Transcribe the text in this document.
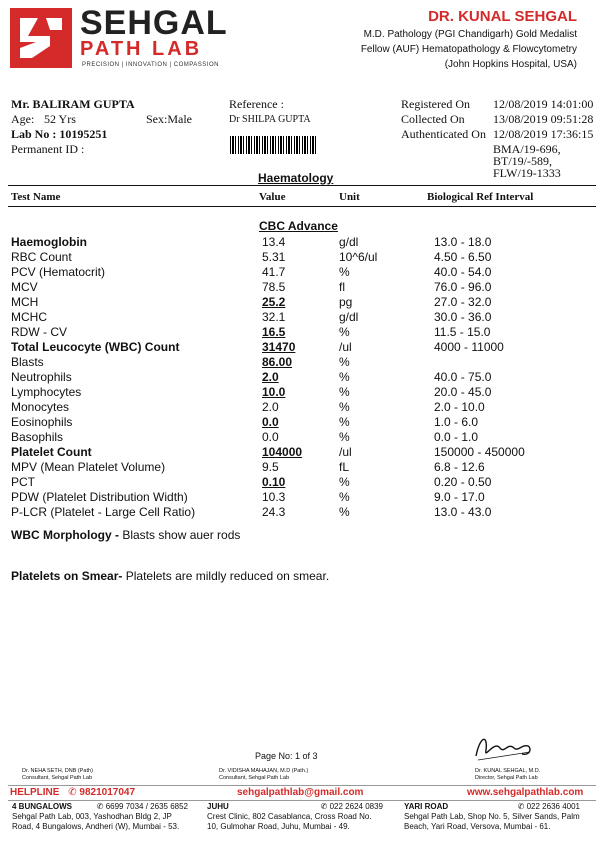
SEHGAL
PATH LAB
PRECISION | INNOVATION | COMPASSION
DR. KUNAL SEHGAL
M.D. Pathology (PGI Chandigarh) Gold Medalist
Fellow (AUF) Hematopathology & Flowcytometry
(John Hopkins Hospital, USA)
Mr. BALIRAM GUPTA
Age: 52 Yrs	Sex:Male
Lab No : 10195251
Permanent ID :
Reference :
Dr SHILPA GUPTA
Registered On 12/08/2019 14:01:00
Collected On 13/08/2019 09:51:28
Authenticated On 12/08/2019 17:36:15
BMA/19-696,
BT/19/-589,
FLW/19-1333
Haematology
Test Name	Value	Unit	Biological Ref Interval
CBC Advance
Haemoglobin	13.4	g/dl	13.0 - 18.0
RBC Count	5.31	10^6/ul	4.50 - 6.50
PCV (Hematocrit)	41.7	%	40.0 - 54.0
MCV	78.5	fl	76.0 - 96.0
MCH	25.2	pg	27.0 - 32.0
MCHC	32.1	g/dl	30.0 - 36.0
RDW - CV	16.5	%	11.5 - 15.0
Total Leucocyte (WBC) Count	31470	/ul	4000 - 11000
Blasts	86.00	%
Neutrophils	2.0	%	40.0 - 75.0
Lymphocytes	10.0	%	20.0 - 45.0
Monocytes	2.0	%	2.0 - 10.0
Eosinophils	0.0	%	1.0 - 6.0
Basophils	0.0	%	0.0 - 1.0
Platelet Count	104000	/ul	150000 - 450000
MPV (Mean Platelet Volume)	9.5	fL	6.8 - 12.6
PCT	0.10	%	0.20 - 0.50
PDW (Platelet Distribution Width)	10.3	%	9.0 - 17.0
P-LCR (Platelet - Large Cell Ratio)	24.3	%	13.0 - 43.0
WBC Morphology - Blasts show auer rods
Platelets on Smear- Platelets are mildly reduced on smear.
Page No: 1 of 3
Dr. NEHA SETH, DNB (Path)
Consultant, Sehgal Path Lab
Dr. VIDISHA MAHAJAN, M.D (Path.)
Consultant, Sehgal Path Lab
Dr. KUNAL SEHGAL, M.D.
Director, Sehgal Path Lab
HELPLINE ✆ 9821017047	sehgalpathlab@gmail.com	www.sehgalpathlab.com
4 BUNGALOWS	✆ 6699 7034 / 2635 6852
Sehgal Path Lab, 003, Yashodhan Bldg 2, JP Road, 4 Bungalows, Andheri (W), Mumbai - 53.
JUHU	✆ 022 2624 0839
Crest Clinic, 802 Casablanca, Cross Road No. 10, Gulmohar Road, Juhu, Mumbai - 49.
YARI ROAD	✆ 022 2636 4001
Sehgal Path Lab, Shop No. 5, Silver Sands, Palm Beach, Yari Road, Versova, Mumbai - 61.
